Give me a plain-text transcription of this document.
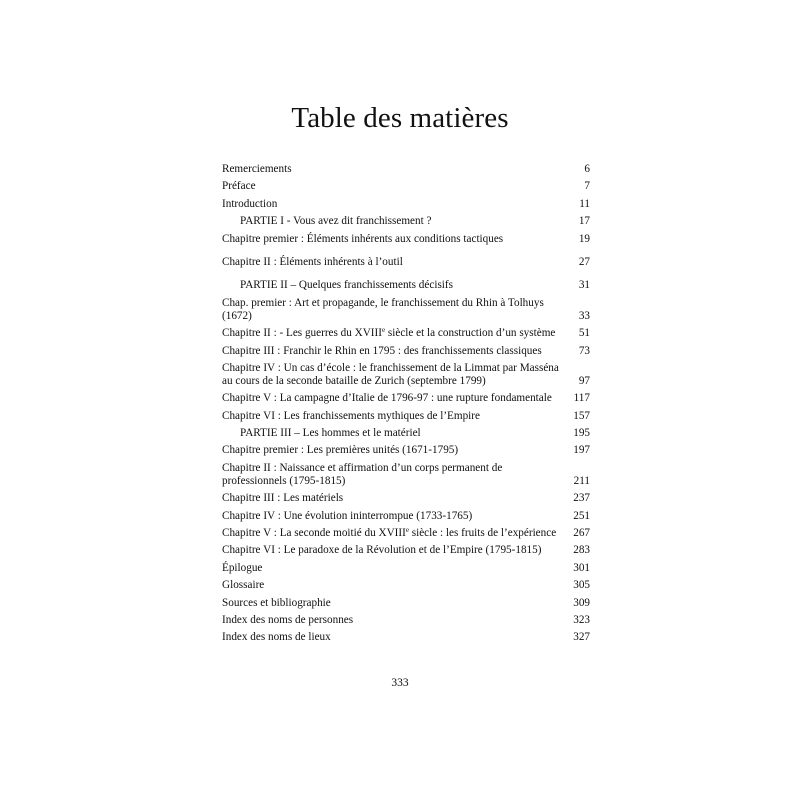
Table des matières
Remerciements	6
Préface	7
Introduction	11
PARTIE I - Vous avez dit franchissement ?	17
Chapitre premier : Éléments inhérents aux conditions tactiques	19
Chapitre II : Éléments inhérents à l’outil	27
PARTIE II – Quelques franchissements décisifs	31
Chap. premier : Art et propagande, le franchissement du Rhin à Tolhuys (1672)	33
Chapitre II : - Les guerres du XVIIIe siècle et la construction d’un système	51
Chapitre III : Franchir le Rhin en 1795 : des franchissements classiques	73
Chapitre IV : Un cas d’école : le franchissement de la Limmat par Masséna au cours de la seconde bataille de Zurich (septembre 1799)	97
Chapitre V : La campagne d’Italie de 1796-97 : une rupture fondamentale	117
Chapitre VI : Les franchissements mythiques de l’Empire	157
PARTIE III – Les hommes et le matériel	195
Chapitre premier : Les premières unités (1671-1795)	197
Chapitre II : Naissance et affirmation d’un corps permanent de professionnels (1795-1815)	211
Chapitre III : Les matériels	237
Chapitre IV : Une évolution ininterrompue (1733-1765)	251
Chapitre V : La seconde moitié du XVIIIe siècle : les fruits de l’expérience	267
Chapitre VI : Le paradoxe de la Révolution et de l’Empire (1795-1815)	283
Épilogue	301
Glossaire	305
Sources et bibliographie	309
Index des noms de personnes	323
Index des noms de lieux	327
333
